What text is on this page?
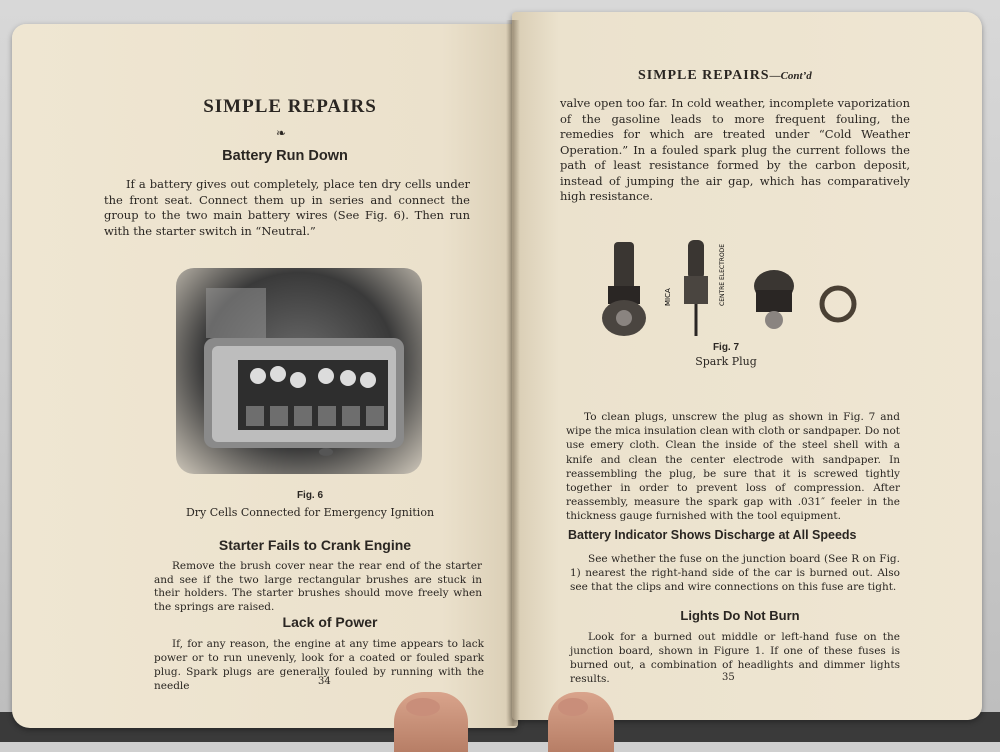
SIMPLE REPAIRS
❧
Battery Run Down

If a battery gives out completely, place ten dry cells under the front seat. Connect them up in series and connect the group to the two main battery wires (See Fig. 6). Then run with the starter switch in “Neutral.”

Fig. 6
Dry Cells Connected for Emergency Ignition
Starter Fails to Crank Engine

Remove the brush cover near the rear end of the starter and see if the two large rectangular brushes are stuck in their holders. The starter brushes should move freely when the springs are raised.

Lack of Power

If, for any reason, the engine at any time appears to lack power or to run unevenly, look for a coated or fouled spark plug. Spark plugs are generally fouled by running with the needle	34
SIMPLE REPAIRS—Cont’d

valve open too far. In cold weather, incomplete vaporization of the gasoline leads to more frequent fouling, the remedies for which are treated under “Cold Weather Operation.” In a fouled spark plug the current follows the path of least resistance formed by the carbon deposit, instead of jumping the air gap, which has comparatively high resistance.

MICA	CENTRE ELECTRODE
Fig. 7
Spark Plug

To clean plugs, unscrew the plug as shown in Fig. 7 and wipe the mica insulation clean with cloth or sandpaper. Do not use emery cloth. Clean the inside of the steel shell with a knife and clean the center electrode with sandpaper. In reassembling the plug, be sure that it is screwed tightly together in order to prevent loss of compression. After reassembly, measure the spark gap with .031″ feeler in the thickness gauge furnished with the tool equipment.

Battery Indicator Shows Discharge at All Speeds

See whether the fuse on the junction board (See R on Fig. 1) nearest the right-hand side of the car is burned out. Also see that the clips and wire connections on this fuse are tight.

Lights Do Not Burn

Look for a burned out middle or left-hand fuse on the junction board, shown in Figure 1. If one of these fuses is burned out, a combination of headlights and dimmer lights results.	35
